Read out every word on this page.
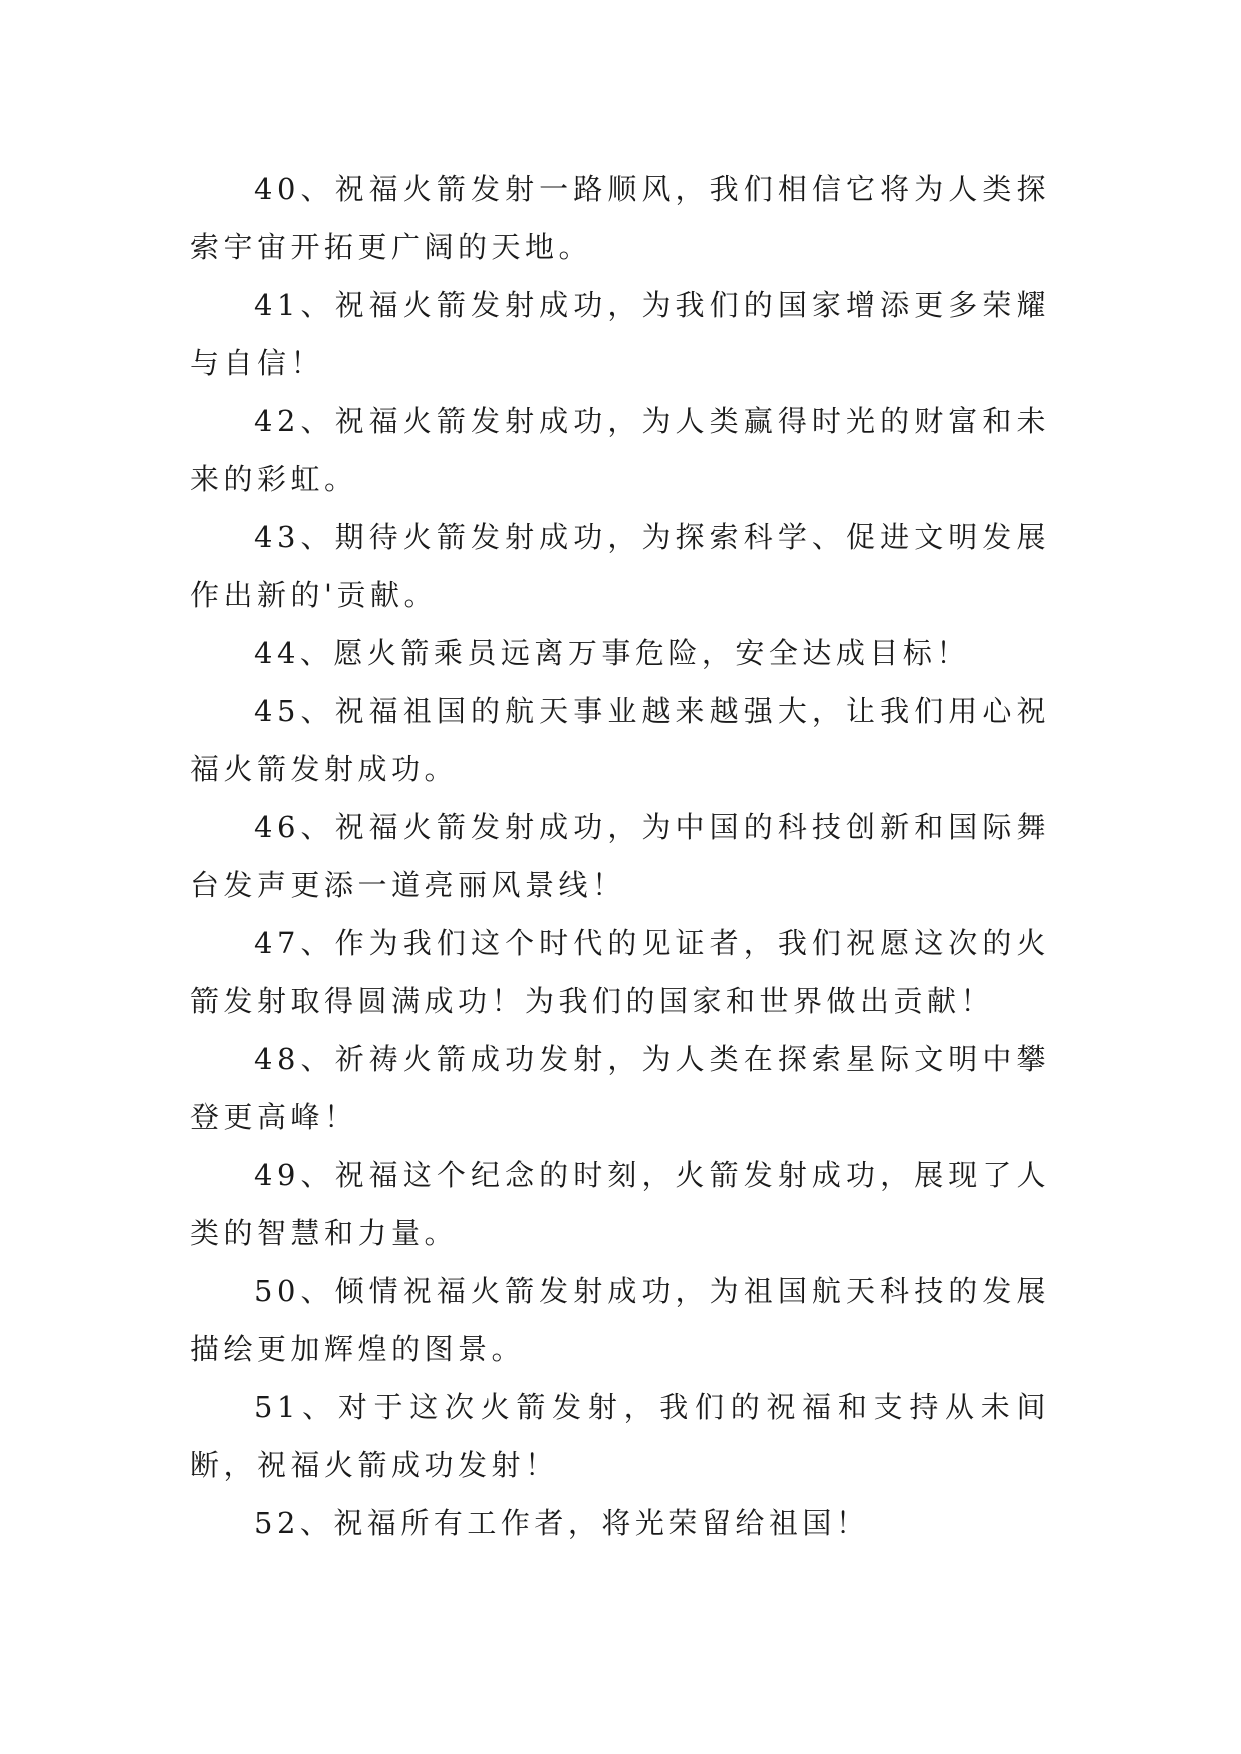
40、祝福火箭发射一路顺风，我们相信它将为人类探索宇宙开拓更广阔的天地。

41、祝福火箭发射成功，为我们的国家增添更多荣耀与自信！

42、祝福火箭发射成功，为人类赢得时光的财富和未来的彩虹。

43、期待火箭发射成功，为探索科学、促进文明发展作出新的'贡献。

44、愿火箭乘员远离万事危险，安全达成目标！

45、祝福祖国的航天事业越来越强大，让我们用心祝福火箭发射成功。

46、祝福火箭发射成功，为中国的科技创新和国际舞台发声更添一道亮丽风景线！

47、作为我们这个时代的见证者，我们祝愿这次的火箭发射取得圆满成功！为我们的国家和世界做出贡献！

48、祈祷火箭成功发射，为人类在探索星际文明中攀登更高峰！

49、祝福这个纪念的时刻，火箭发射成功，展现了人类的智慧和力量。

50、倾情祝福火箭发射成功，为祖国航天科技的发展描绘更加辉煌的图景。

51、对于这次火箭发射，我们的祝福和支持从未间断，祝福火箭成功发射！

52、祝福所有工作者，将光荣留给祖国！
